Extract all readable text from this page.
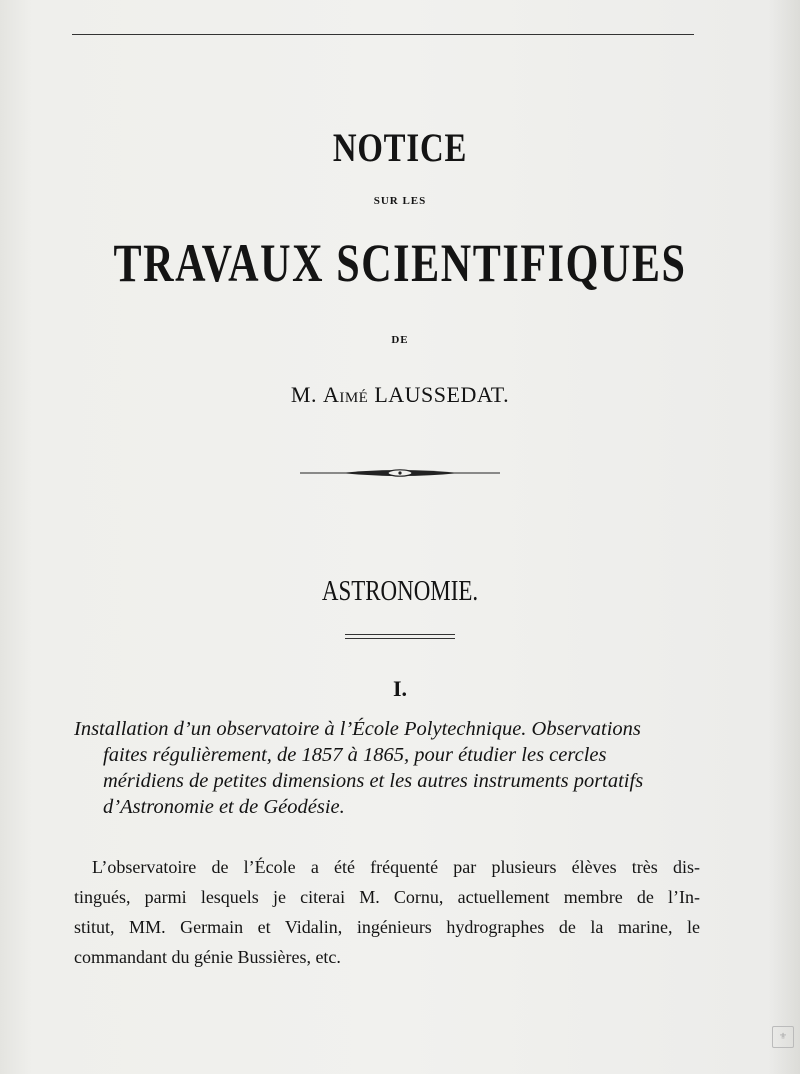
NOTICE
SUR LES
TRAVAUX SCIENTIFIQUES
DE
M. Aimé LAUSSEDAT.
ASTRONOMIE.
I.
Installation d’un observatoire à l’École Polytechnique. Observations
faites régulièrement, de 1857 à 1865, pour étudier les cercles
méridiens de petites dimensions et les autres instruments portatifs
d’Astronomie et de Géodésie.
L’observatoire de l’École a été fréquenté par plusieurs élèves très dis-
tingués, parmi lesquels je citerai M. Cornu, actuellement membre de l’In-
stitut, MM. Germain et Vidalin, ingénieurs hydrographes de la marine, le
commandant du génie Bussières, etc.
⚜
